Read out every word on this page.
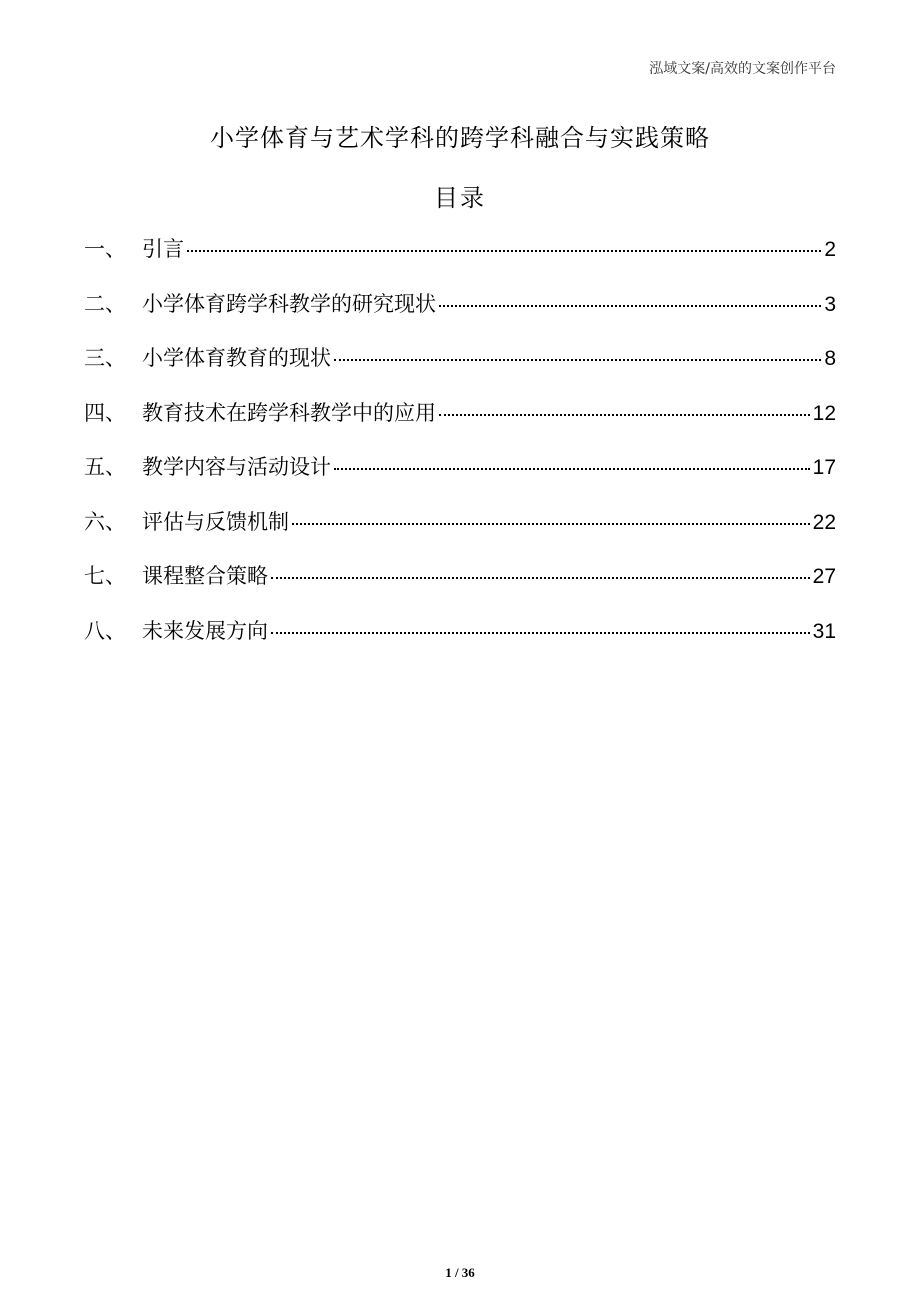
泓域文案/高效的文案创作平台
小学体育与艺术学科的跨学科融合与实践策略
目录
一、 引言	2
二、 小学体育跨学科教学的研究现状	3
三、 小学体育教育的现状	8
四、 教育技术在跨学科教学中的应用	12
五、 教学内容与活动设计	17
六、 评估与反馈机制	22
七、 课程整合策略	27
八、 未来发展方向	31
1 / 36
